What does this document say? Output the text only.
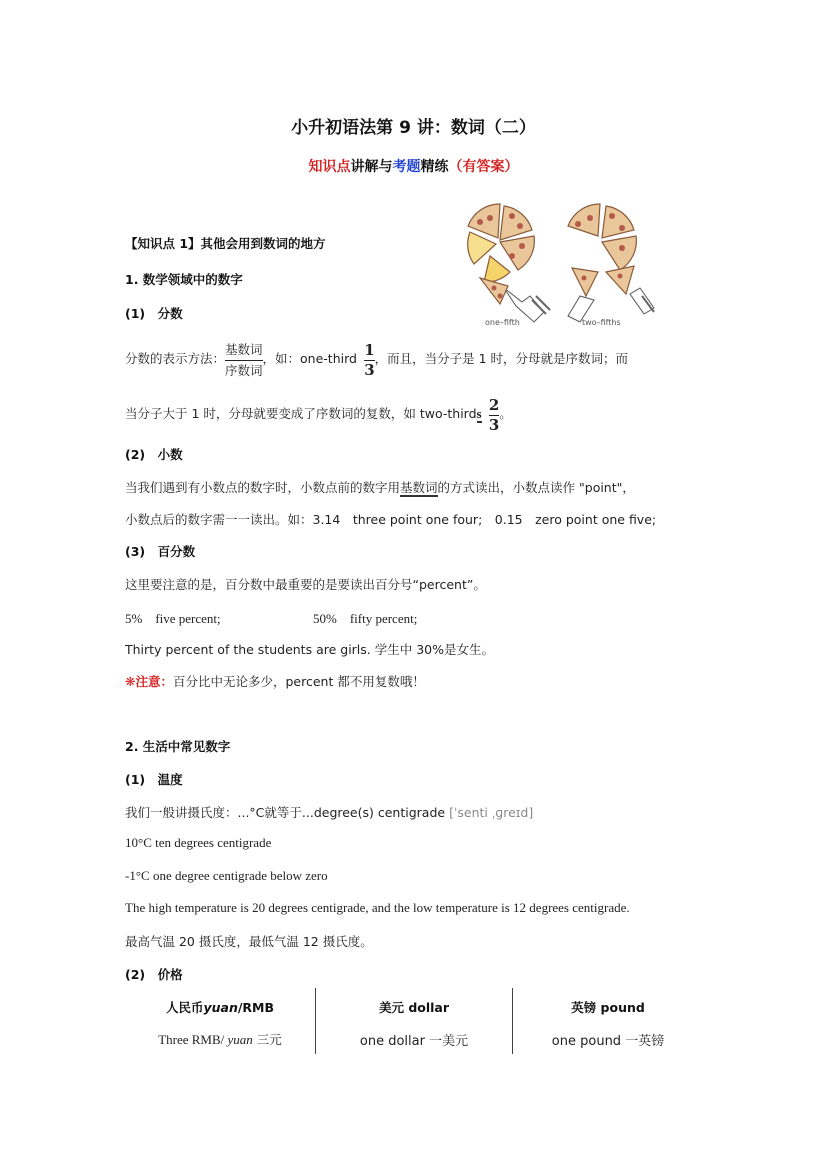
小升初语法第 9 讲：数词（二）
知识点讲解与考题精练（有答案）
one–fifth	two–fifths
【知识点 1】其他会用到数词的地方
1. 数学领域中的数字
(1)　分数
分数的表示方法： $\frac{\text{基数词}}{\text{序数词}}$ ，如：one-third $\frac{1}{3}$ ，而且，当分子是 1 时，分母就是序数词；而
当分子大于 1 时，分母就要变成了序数词的复数，如 two-thirds $\frac{2}{3}$ 。
(2)　小数
当我们遇到有小数点的数字时，小数点前的数字用基数词的方式读出，小数点读作 "point"，
小数点后的数字需一一读出。如：3.14　three point one four;　0.15　zero point one five;
(3)　百分数
这里要注意的是，百分数中最重要的是要读出百分号“percent”。
5%　five percent;	50%　fifty percent;
Thirty percent of the students are girls. 学生中 30%是女生。
❋注意：百分比中无论多少，percent 都不用复数哦！
2. 生活中常见数字
(1)　温度
我们一般讲摄氏度：...°C就等于...degree(s) centigrade [ˈsenti ˌɡreɪd]
10°C ten degrees centigrade
-1°C one degree centigrade below zero
The high temperature is 20 degrees centigrade, and the low temperature is 12 degrees centigrade.
最高气温 20 摄氏度，最低气温 12 摄氏度。
(2)　价格
人民币yuan/RMB
Three RMB/ yuan 三元
美元 dollar
one dollar 一美元
英镑 pound
one pound 一英镑
